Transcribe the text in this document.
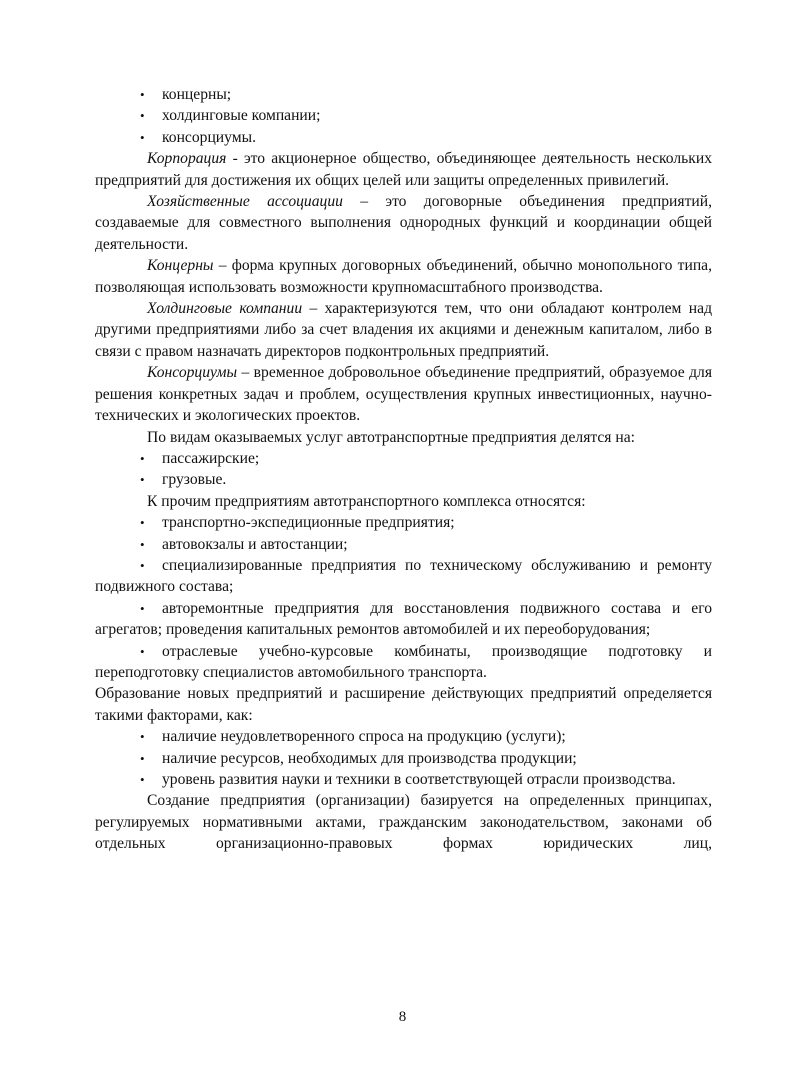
•	концерны;
•	холдинговые компании;
•	консорциумы.

Корпорация - это акционерное общество, объединяющее деятельность нескольких предприятий для достижения их общих целей или защиты определенных привилегий.

Хозяйственные ассоциации – это договорные объединения предприятий, создаваемые для совместного выполнения однородных функций и координации общей деятельности.

Концерны – форма крупных договорных объединений, обычно монопольного типа, позволяющая использовать возможности крупномасштабного производства.

Холдинговые компании – характеризуются тем, что они обладают контролем над другими предприятиями либо за счет владения их акциями и денежным капиталом, либо в связи с правом назначать директоров подконтрольных предприятий.

Консорциумы – временное добровольное объединение предприятий, образуемое для решения конкретных задач и проблем, осуществления крупных инвестиционных, научно-технических и экологических проектов.

По видам оказываемых услуг автотранспортные предприятия делятся на:

•	пассажирские;
•	грузовые.

К прочим предприятиям автотранспортного комплекса относятся:

•	транспортно-экспедиционные предприятия;
•	автовокзалы и автостанции;

• специализированные предприятия по техническому обслуживанию и ремонту подвижного состава;

• авторемонтные предприятия для восстановления подвижного состава и его агрегатов; проведения капитальных ремонтов автомобилей и их переоборудования;

• отраслевые учебно-курсовые комбинаты, производящие подготовку и переподготовку специалистов автомобильного транспорта.

Образование новых предприятий и расширение действующих предприятий определяется такими факторами, как:

•	наличие неудовлетворенного спроса на продукцию (услуги);
•	наличие ресурсов, необходимых для производства продукции;

• уровень развития науки и техники в соответствующей отрасли производства.

Создание предприятия (организации) базируется на определенных принципах, регулируемых нормативными актами, гражданским законодательством, законами об отдельных организационно-правовых формах юридических лиц,

8
